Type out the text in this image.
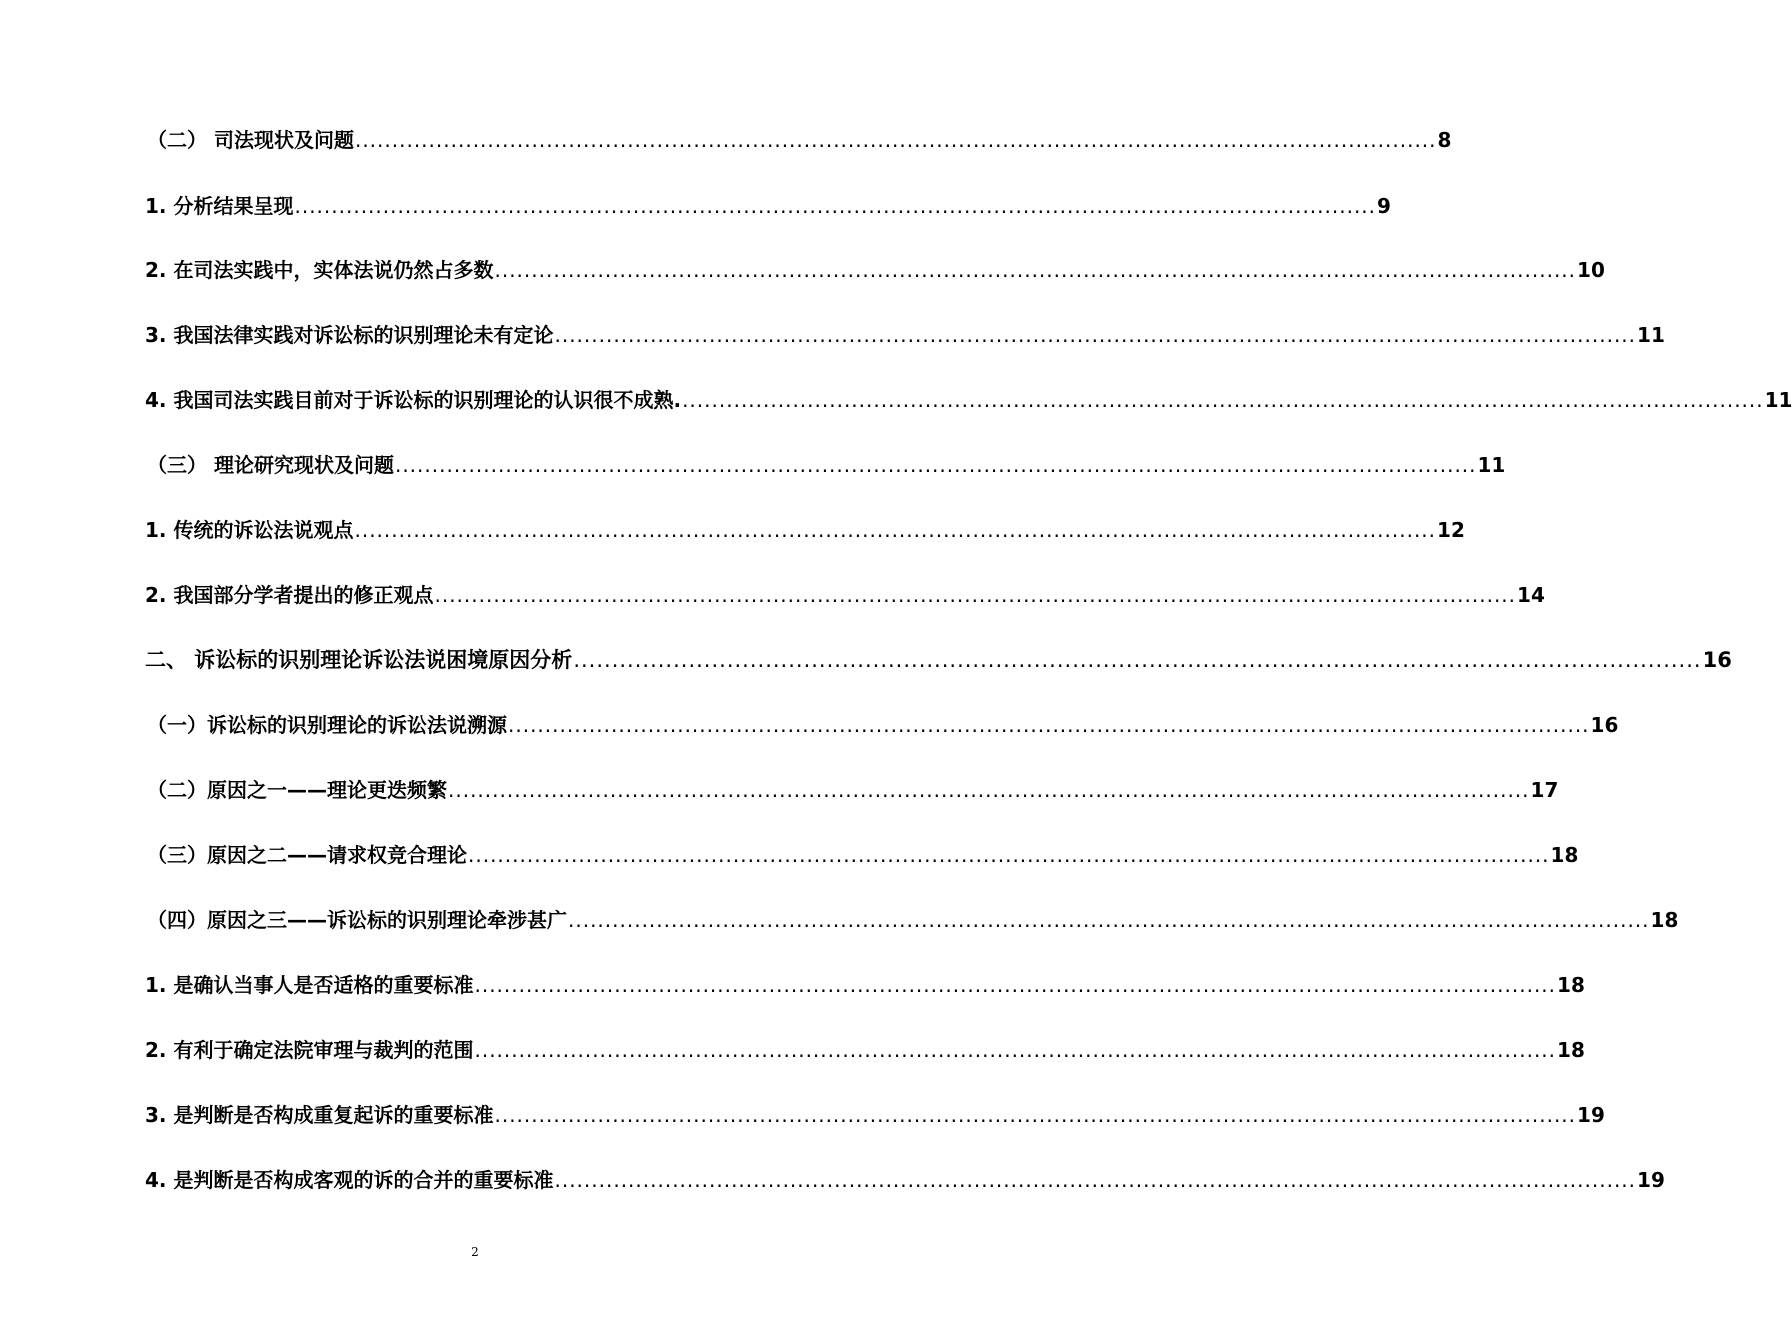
（二） 司法现状及问题 ................................................................................................................................................... 8
1. 分析结果呈现 ................................................................................................................................................... 9
2. 在司法实践中，实体法说仍然占多数 ................................................................................................................................................... 10
3. 我国法律实践对诉讼标的识别理论未有定论 ................................................................................................................................................... 11
4. 我国司法实践目前对于诉讼标的识别理论的认识很不成熟. ................................................................................................................................................... 11
（三） 理论研究现状及问题 ................................................................................................................................................... 11
1. 传统的诉讼法说观点 ................................................................................................................................................... 12
2. 我国部分学者提出的修正观点 ................................................................................................................................................... 14
二、 诉讼标的识别理论诉讼法说困境原因分析 ................................................................................................................................................... 16
（一）诉讼标的识别理论的诉讼法说溯源 ................................................................................................................................................... 16
（二）原因之一——理论更迭频繁 ................................................................................................................................................... 17
（三）原因之二——请求权竞合理论 ................................................................................................................................................... 18
（四）原因之三——诉讼标的识别理论牵涉甚广 ................................................................................................................................................... 18
1. 是确认当事人是否适格的重要标准 ................................................................................................................................................... 18
2. 有利于确定法院审理与裁判的范围 ................................................................................................................................................... 18
3. 是判断是否构成重复起诉的重要标准 ................................................................................................................................................... 19
4. 是判断是否构成客观的诉的合并的重要标准 ................................................................................................................................................... 19
2
